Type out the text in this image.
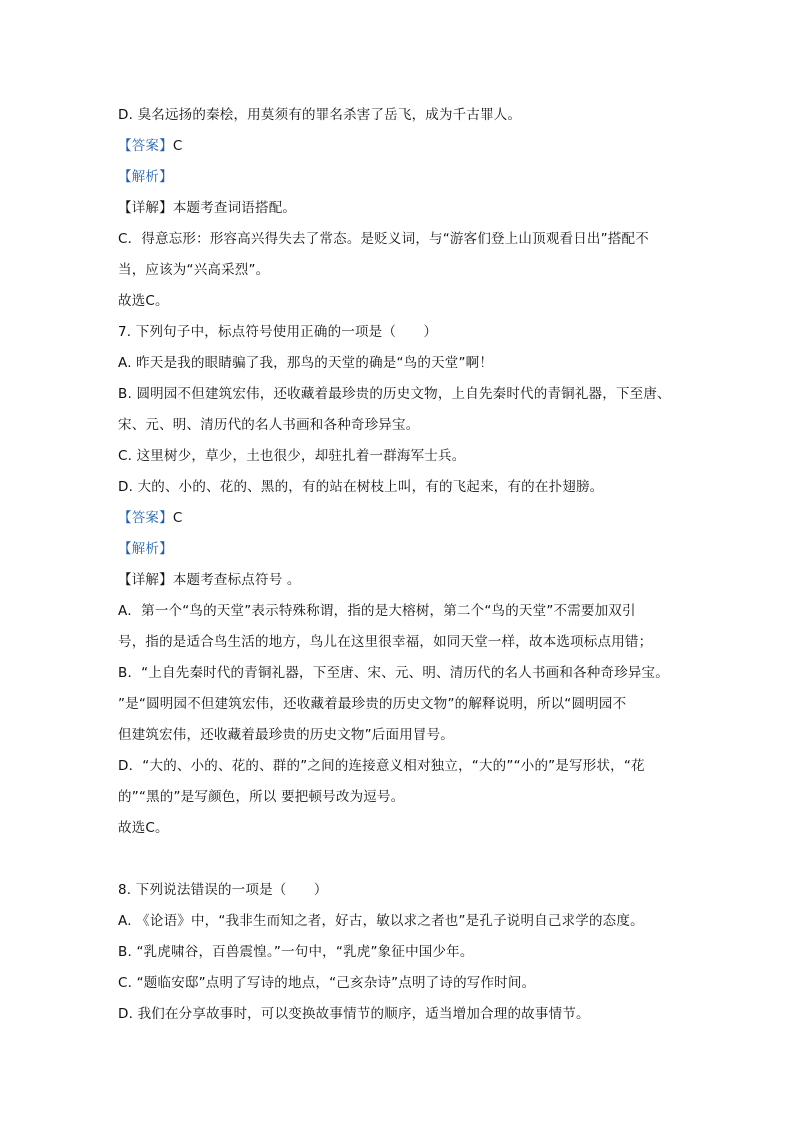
D. 臭名远扬的秦桧，用莫须有的罪名杀害了岳飞，成为千古罪人。
【答案】C
【解析】
【详解】本题考查词语搭配。
C．得意忘形：形容高兴得失去了常态。是贬义词，与“游客们登上山顶观看日出”搭配不
当，应该为“兴高采烈”。
故选C。
7. 下列句子中，标点符号使用正确的一项是（　　）
A. 昨天是我的眼睛骗了我，那鸟的天堂的确是“鸟的天堂”啊！
B. 圆明园不但建筑宏伟，还收藏着最珍贵的历史文物，上自先秦时代的青铜礼器，下至唐、
宋、元、明、清历代的名人书画和各种奇珍异宝。
C. 这里树少，草少，土也很少，却驻扎着一群海军士兵。
D. 大的、小的、花的、黑的，有的站在树枝上叫，有的飞起来，有的在扑翅膀。
【答案】C
【解析】
【详解】本题考查标点符号 。
A．第一个“鸟的天堂”表示特殊称谓，指的是大榕树，第二个“鸟的天堂”不需要加双引
号，指的是适合鸟生活的地方，鸟儿在这里很幸福，如同天堂一样，故本选项标点用错；
B．“上自先秦时代的青铜礼器，下至唐、宋、元、明、清历代的名人书画和各种奇珍异宝。
”是“圆明园不但建筑宏伟，还收藏着最珍贵的历史文物”的解释说明，所以“圆明园不
但建筑宏伟，还收藏着最珍贵的历史文物”后面用冒号。
D．“大的、小的、花的、群的”之间的连接意义相对独立，“大的”“小的”是写形状，“花
的”“黑的”是写颜色，所以 要把顿号改为逗号。
故选C。
8. 下列说法错误的一项是（　　）
A. 《论语》中，“我非生而知之者，好古，敏以求之者也”是孔子说明自己求学的态度。
B. “乳虎啸谷，百兽震惶。”一句中，“乳虎”象征中国少年。
C. “题临安邸”点明了写诗的地点，“己亥杂诗”点明了诗的写作时间。
D. 我们在分享故事时，可以变换故事情节的顺序，适当增加合理的故事情节。
